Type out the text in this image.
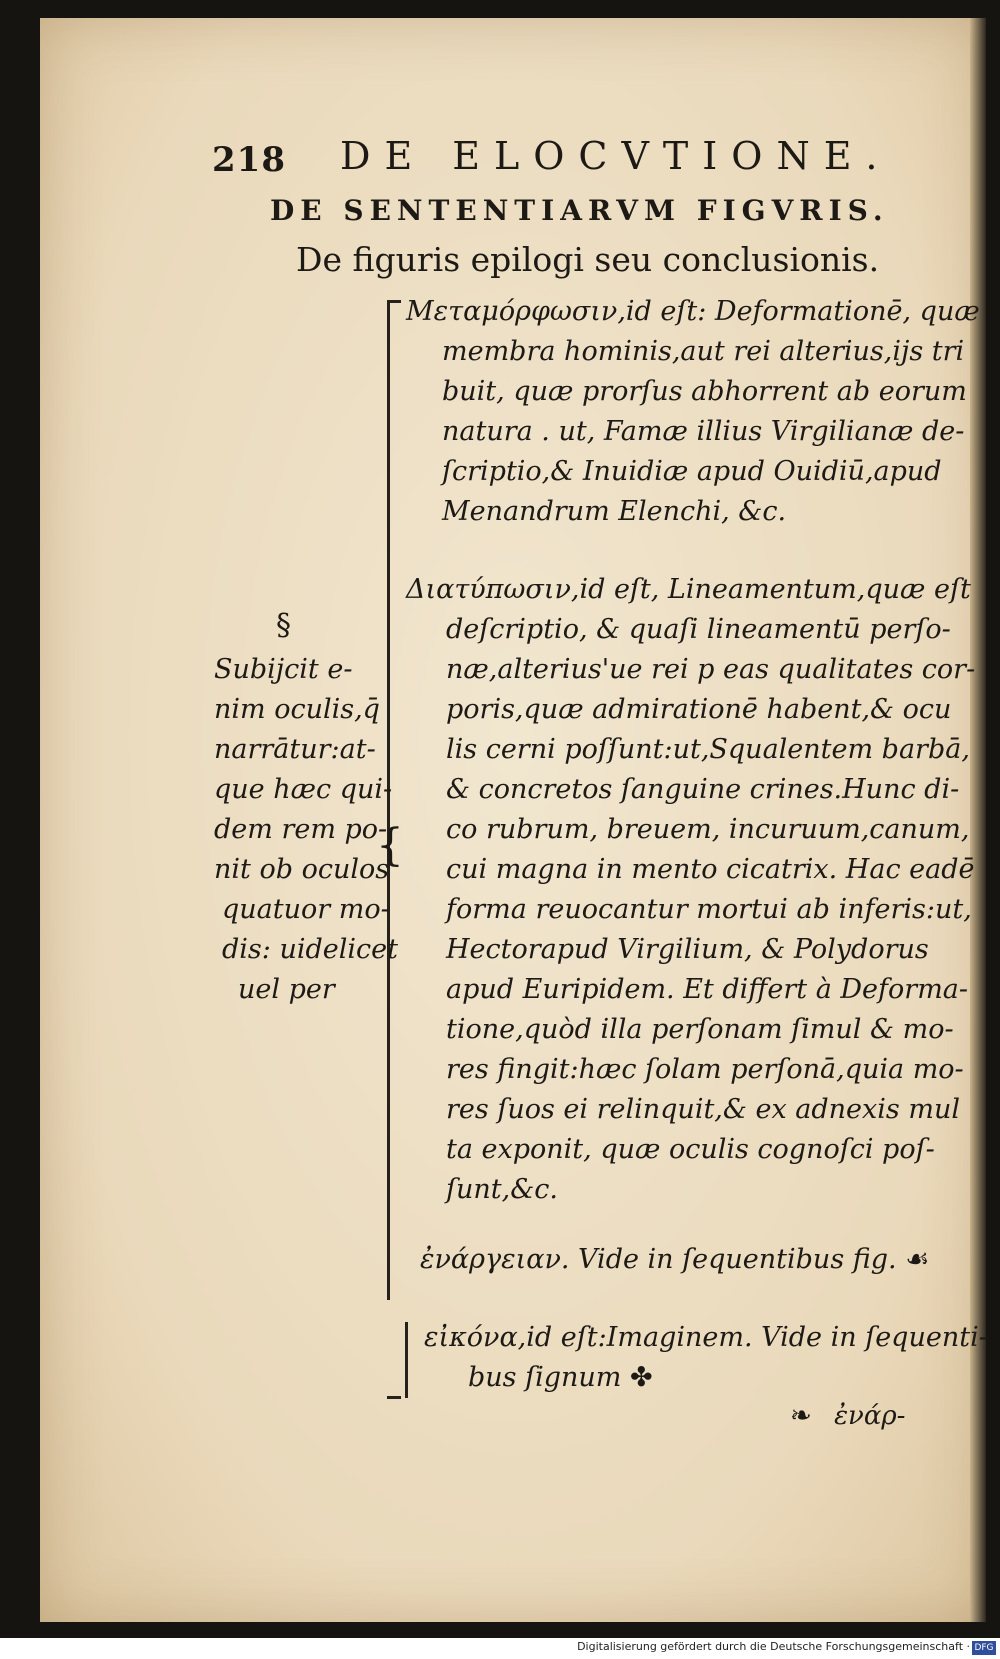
218 DE ELOCVTIONE.
DE SENTENTIARVM FIGVRIS.
De figuris epilogi seu conclusionis.
{
Μεταμόρφωσιν,id eſt: Deformationē, quæ
membra hominis,aut rei alterius,ijs tri
buit, quæ prorſus abhorrent ab eorum
natura . ut, Famæ illius Virgilianæ de-
ſcriptio,& Inuidiæ apud Ouidiū,apud
Menandrum Elenchi, &c.
Διατύπωσιν,id eſt, Lineamentum,quæ eſt
deſcriptio, & quaſi lineamentū perſo-
næ,alterius'ue rei p eas qualitates cor-
poris,quæ admirationē habent,& ocu
lis cerni poſſunt:ut,Squalentem barbā,
& concretos ſanguine crines.Hunc di-
co rubrum, breuem, incuruum,canum,
cui magna in mento cicatrix. Hac eadē
forma reuocantur mortui ab inferis:ut,
Hectorapud Virgilium, & Polydorus
apud Euripidem. Et differt à Deforma-
tione,quòd illa perſonam ſimul & mo-
res fingit:hæc ſolam perſonā,quia mo-
res ſuos ei relinquit,& ex adnexis mul
ta exponit, quæ oculis cognoſci poſ-
ſunt,&c.
ἐνάργειαν. Vide in ſequentibus fig. ☙
εἰκόνα,id eſt:Imaginem. Vide in ſequenti-
bus ſignum ✤
§
Subijcit e-
nim oculis,q̄
narrātur:at-
que hæc qui-
dem rem po-
nit ob oculos
quatuor mo-
dis: uidelicet
uel per
❧ ἐνάρ-
Digitalisierung gefördert durch die Deutsche Forschungsgemeinschaft · DFG
